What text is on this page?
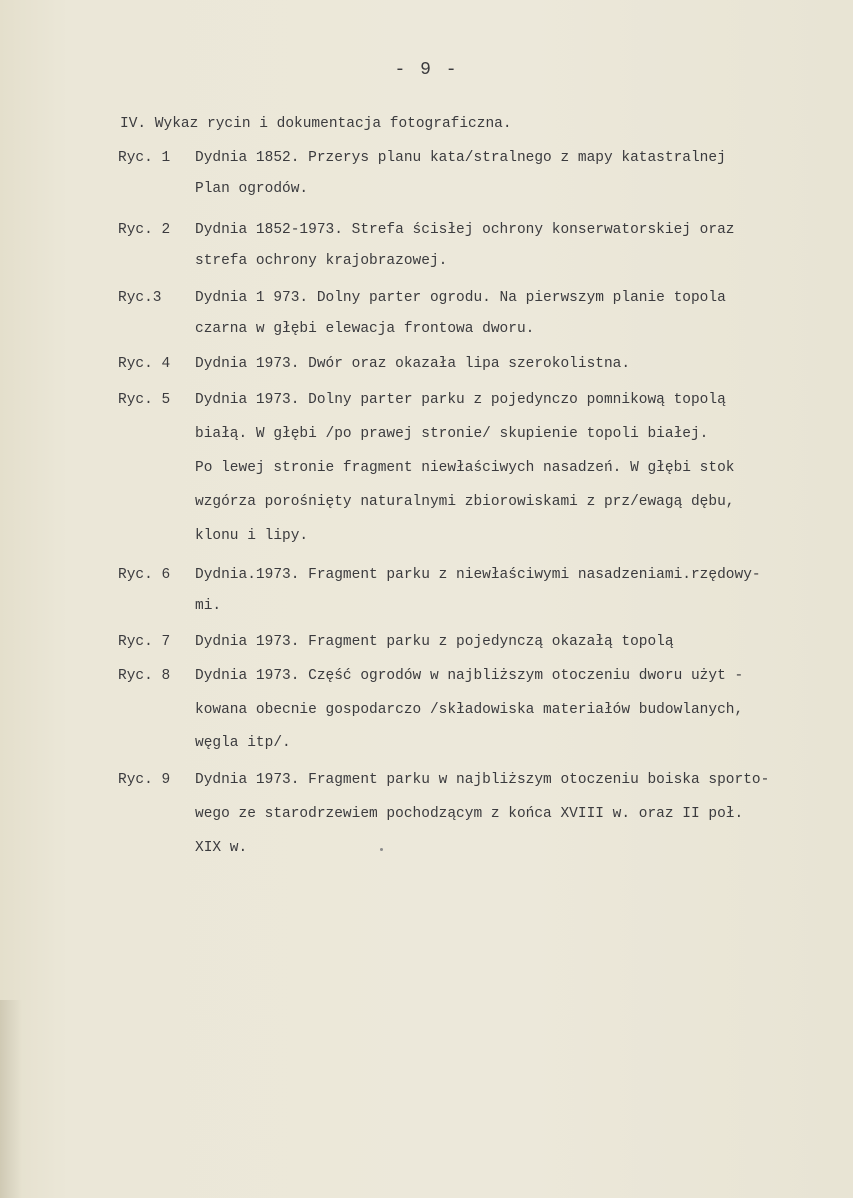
- 9 -
IV. Wykaz rycin i dokumentacja fotograficzna.
Ryc. 1	Dydnia 1852. Przerys planu kata/stralnego z mapy katastralnej
Plan ogrodów.
Ryc. 2	Dydnia 1852-1973. Strefa ścisłej ochrony konserwatorskiej oraz
strefa ochrony krajobrazowej.
Ryc.3	Dydnia 1 973. Dolny parter ogrodu. Na pierwszym planie topola
czarna w głębi elewacja frontowa dworu.
Ryc. 4	Dydnia 1973. Dwór oraz okazała lipa szerokolistna.
Ryc. 5	Dydnia 1973. Dolny parter parku z pojedynczo pomnikową topolą
białą. W głębi /po prawej stronie/ skupienie topoli białej.
Po lewej stronie fragment niewłaściwych nasadzeń. W głębi stok
wzgórza porośnięty naturalnymi zbiorowiskami z prz/ewagą dębu,
klonu i lipy.
Ryc. 6	Dydnia.1973. Fragment parku z niewłaściwymi nasadzeniami.rzędowy-
mi.
Ryc. 7	Dydnia 1973. Fragment parku z pojedynczą okazałą topolą
Ryc. 8	Dydnia 1973. Część ogrodów w najbliższym otoczeniu dworu użyt -
kowana obecnie gospodarczo /składowiska materiałów budowlanych,
węgla itp/.
Ryc. 9	Dydnia 1973. Fragment parku w najbliższym otoczeniu boiska sporto-
wego ze starodrzewiem pochodzącym z końca XVIII w. oraz II poł.
XIX w.
